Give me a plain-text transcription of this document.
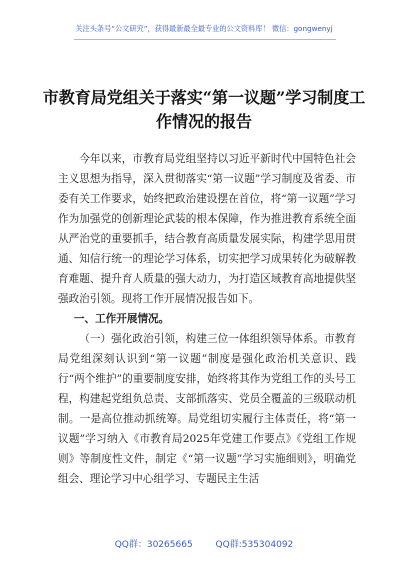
关注头条号“公文研究”，获得最新最全最专业的公文资料库！ 微信：gongwenyj
市教育局党组关于落实“第一议题”学习制度工作情况的报告

今年以来，市教育局党组坚持以习近平新时代中国特色社会主义思想为指导，深入贯彻落实“第一议题”学习制度及省委、市委有关工作要求，始终把政治建设摆在首位，将“第一议题”学习作为加强党的创新理论武装的根本保障，作为推进教育系统全面从严治党的重要抓手，结合教育高质量发展实际，构建学思用贯通、知信行统一的理论学习体系，切实把学习成果转化为破解教育难题、提升育人质量的强大动力，为打造区域教育高地提供坚强政治引领。现将工作开展情况报告如下。

一、工作开展情况。

（一）强化政治引领，构建三位一体组织领导体系。市教育局党组深刻认识到“第一议题”制度是强化政治机关意识、践行“两个维护”的重要制度安排，始终将其作为党组工作的头号工程，构建起党组负总责、支部抓落实、党员全覆盖的三级联动机制。一是高位推动抓统筹。局党组切实履行主体责任，将“第一议题”学习纳入《市教育局2025年党建工作要点》《党组工作规则》等制度性文件，制定《“第一议题”学习实施细则》，明确党组会、理论学习中心组学习、专题民主生活

QQ群：30265665	QQ群:535304092
